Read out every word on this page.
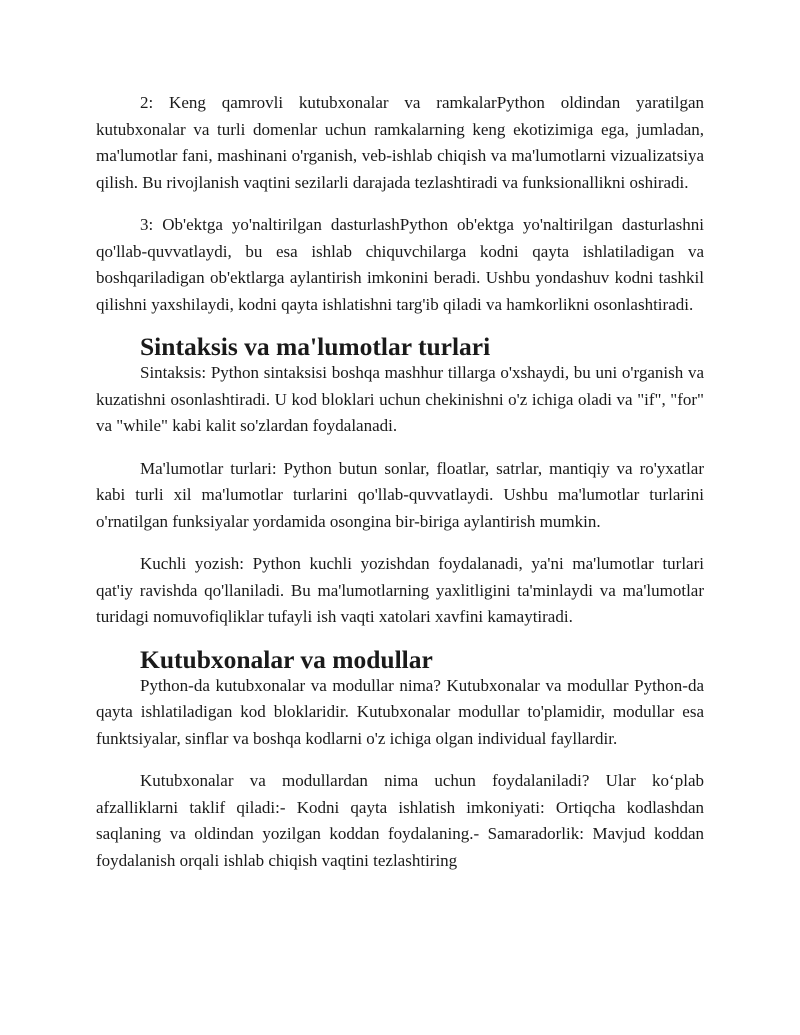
2: Keng qamrovli kutubxonalar va ramkalarPython oldindan yaratilgan kutubxonalar va turli domenlar uchun ramkalarning keng ekotizimiga ega, jumladan, ma'lumotlar fani, mashinani o'rganish, veb-ishlab chiqish va ma'lumotlarni vizualizatsiya qilish. Bu rivojlanish vaqtini sezilarli darajada tezlashtiradi va funksionallikni oshiradi.

3: Ob'ektga yo'naltirilgan dasturlashPython ob'ektga yo'naltirilgan dasturlashni qo'llab-quvvatlaydi, bu esa ishlab chiquvchilarga kodni qayta ishlatiladigan va boshqariladigan ob'ektlarga aylantirish imkonini beradi. Ushbu yondashuv kodni tashkil qilishni yaxshilaydi, kodni qayta ishlatishni targ'ib qiladi va hamkorlikni osonlashtiradi.

Sintaksis va ma'lumotlar turlari

Sintaksis: Python sintaksisi boshqa mashhur tillarga o'xshaydi, bu uni o'rganish va kuzatishni osonlashtiradi. U kod bloklari uchun chekinishni o'z ichiga oladi va "if", "for" va "while" kabi kalit so'zlardan foydalanadi.

Ma'lumotlar turlari: Python butun sonlar, floatlar, satrlar, mantiqiy va ro'yxatlar kabi turli xil ma'lumotlar turlarini qo'llab-quvvatlaydi. Ushbu ma'lumotlar turlarini o'rnatilgan funksiyalar yordamida osongina bir-biriga aylantirish mumkin.

Kuchli yozish: Python kuchli yozishdan foydalanadi, ya'ni ma'lumotlar turlari qat'iy ravishda qo'llaniladi. Bu ma'lumotlarning yaxlitligini ta'minlaydi va ma'lumotlar turidagi nomuvofiqliklar tufayli ish vaqti xatolari xavfini kamaytiradi.

Kutubxonalar va modullar

Python-da kutubxonalar va modullar nima? Kutubxonalar va modullar Python-da qayta ishlatiladigan kod bloklaridir. Kutubxonalar modullar to'plamidir, modullar esa funktsiyalar, sinflar va boshqa kodlarni o'z ichiga olgan individual fayllardir.

Kutubxonalar va modullardan nima uchun foydalaniladi? Ular ko‘plab afzalliklarni taklif qiladi:- Kodni qayta ishlatish imkoniyati: Ortiqcha kodlashdan saqlaning va oldindan yozilgan koddan foydalaning.- Samaradorlik: Mavjud koddan foydalanish orqali ishlab chiqish vaqtini tezlashtiring
